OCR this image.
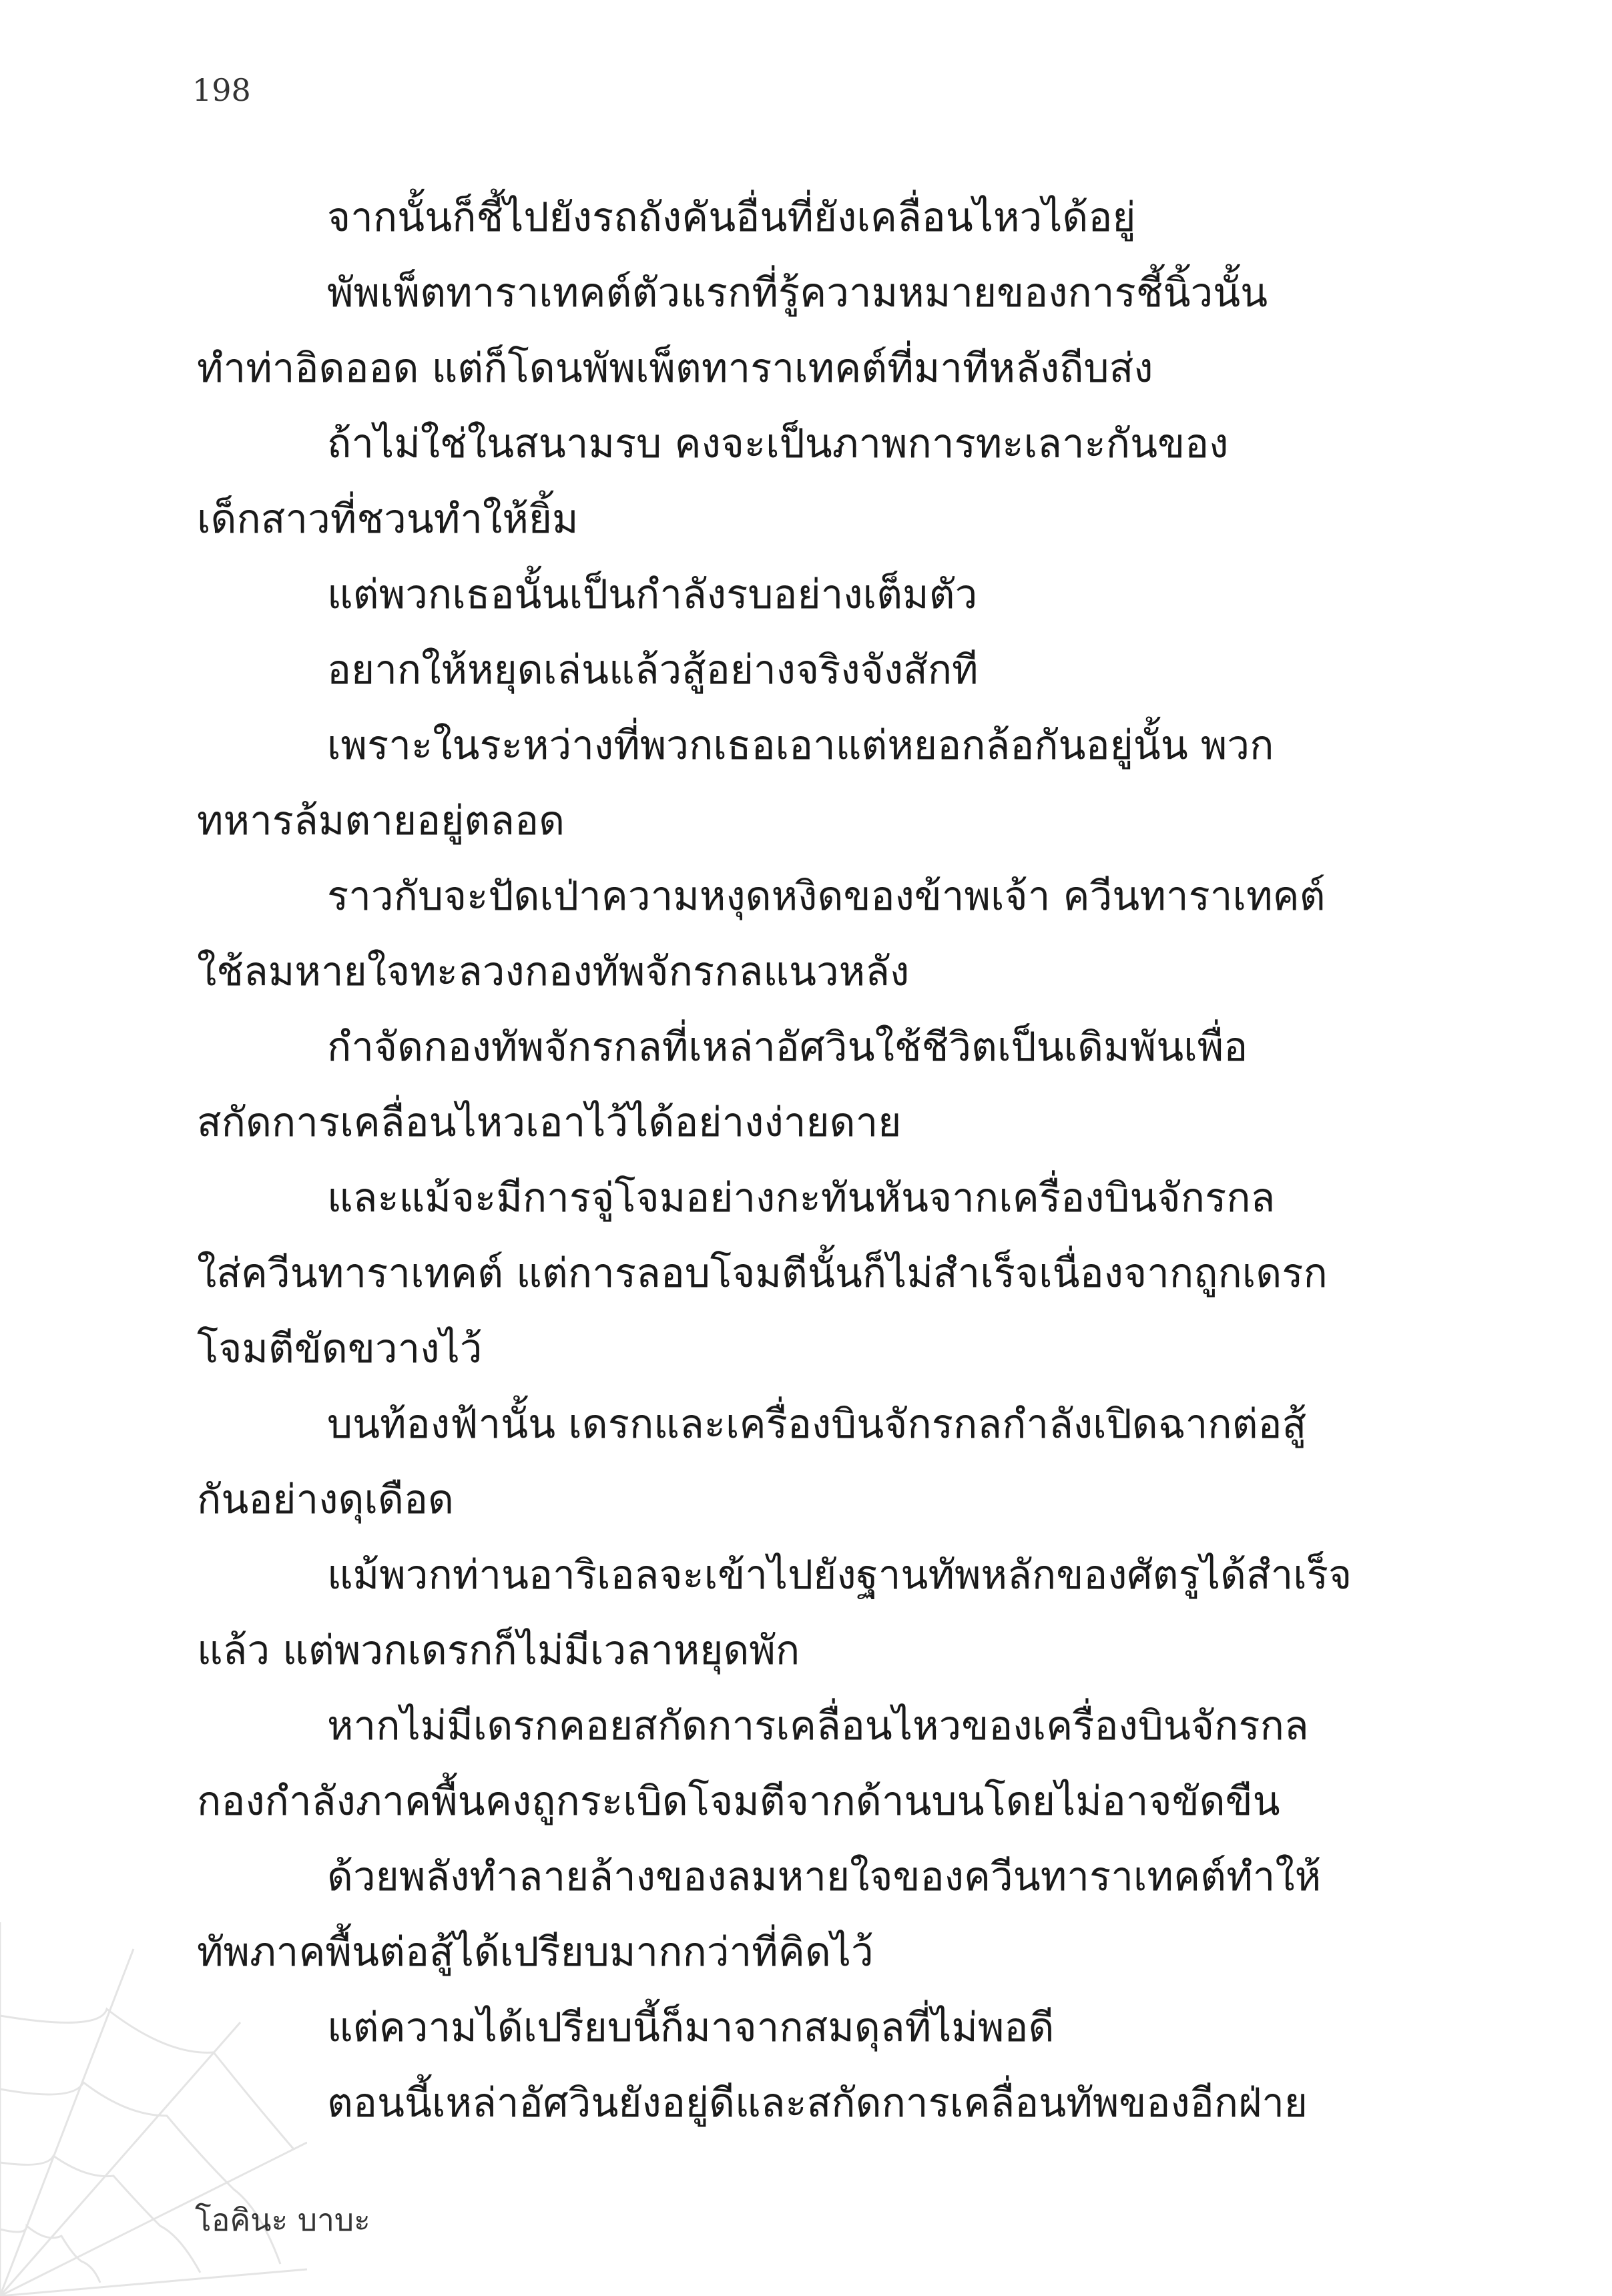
198
จากนั้นก็ชี้ไปยังรถถังคันอื่นที่ยังเคลื่อนไหวได้อยู่
พัพเพ็ตทาราเทคต์ตัวแรกที่รู้ความหมายของการชี้นิ้วนั้น
ทำท่าอิดออด แต่ก็โดนพัพเพ็ตทาราเทคต์ที่มาทีหลังถีบส่ง
ถ้าไม่ใช่ในสนามรบ คงจะเป็นภาพการทะเลาะกันของ
เด็กสาวที่ชวนทำให้ยิ้ม
แต่พวกเธอนั้นเป็นกำลังรบอย่างเต็มตัว
อยากให้หยุดเล่นแล้วสู้อย่างจริงจังสักที
เพราะในระหว่างที่พวกเธอเอาแต่หยอกล้อกันอยู่นั้น พวก
ทหารล้มตายอยู่ตลอด
ราวกับจะปัดเป่าความหงุดหงิดของข้าพเจ้า ควีนทาราเทคต์
ใช้ลมหายใจทะลวงกองทัพจักรกลแนวหลัง
กำจัดกองทัพจักรกลที่เหล่าอัศวินใช้ชีวิตเป็นเดิมพันเพื่อ
สกัดการเคลื่อนไหวเอาไว้ได้อย่างง่ายดาย
และแม้จะมีการจู่โจมอย่างกะทันหันจากเครื่องบินจักรกล
ใส่ควีนทาราเทคต์ แต่การลอบโจมตีนั้นก็ไม่สำเร็จเนื่องจากถูกเดรก
โจมตีขัดขวางไว้
บนท้องฟ้านั้น เดรกและเครื่องบินจักรกลกำลังเปิดฉากต่อสู้
กันอย่างดุเดือด
แม้พวกท่านอาริเอลจะเข้าไปยังฐานทัพหลักของศัตรูได้สำเร็จ
แล้ว แต่พวกเดรกก็ไม่มีเวลาหยุดพัก
หากไม่มีเดรกคอยสกัดการเคลื่อนไหวของเครื่องบินจักรกล
กองกำลังภาคพื้นคงถูกระเบิดโจมตีจากด้านบนโดยไม่อาจขัดขืน
ด้วยพลังทำลายล้างของลมหายใจของควีนทาราเทคต์ทำให้
ทัพภาคพื้นต่อสู้ได้เปรียบมากกว่าที่คิดไว้
แต่ความได้เปรียบนี้ก็มาจากสมดุลที่ไม่พอดี
ตอนนี้เหล่าอัศวินยังอยู่ดีและสกัดการเคลื่อนทัพของอีกฝ่าย
โอคินะ บาบะ
